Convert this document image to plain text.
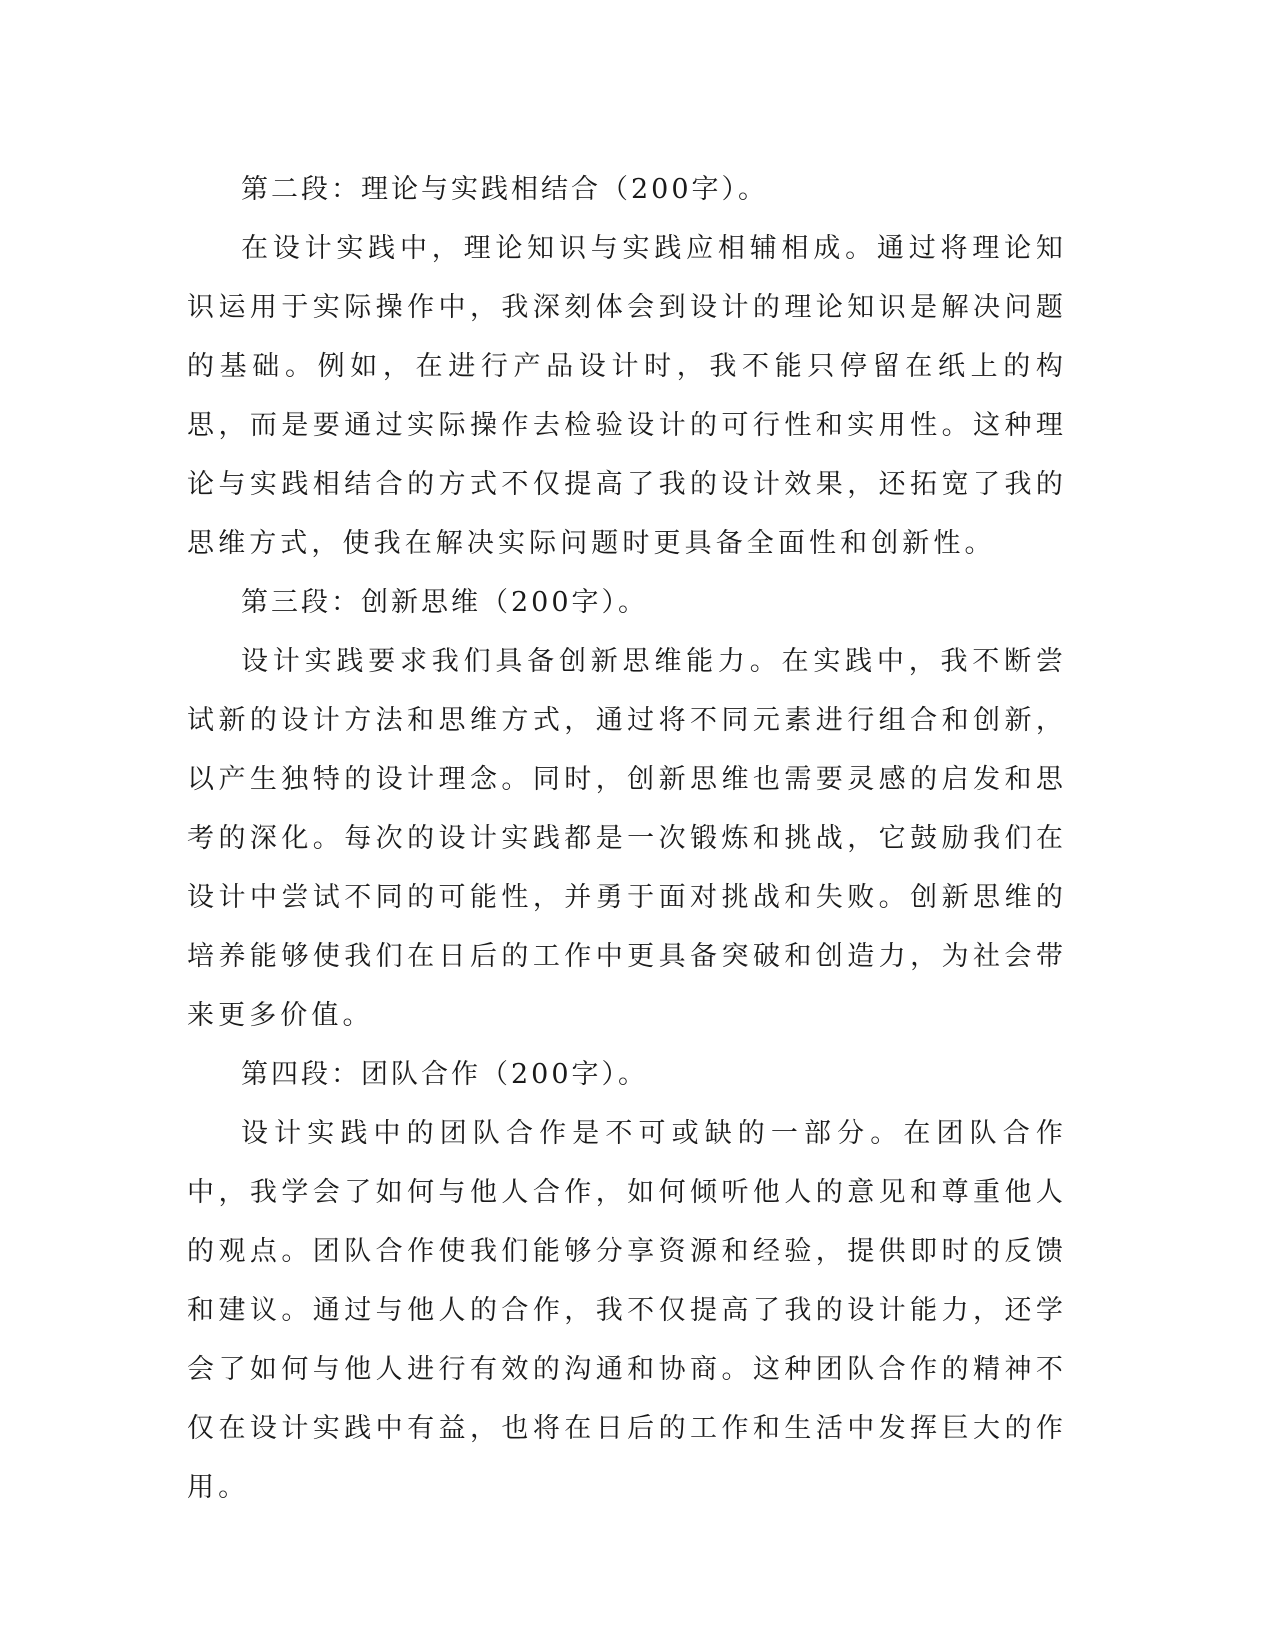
第二段：理论与实践相结合（200字）。

在设计实践中，理论知识与实践应相辅相成。通过将理论知识运用于实际操作中，我深刻体会到设计的理论知识是解决问题的基础。例如，在进行产品设计时，我不能只停留在纸上的构思，而是要通过实际操作去检验设计的可行性和实用性。这种理论与实践相结合的方式不仅提高了我的设计效果，还拓宽了我的思维方式，使我在解决实际问题时更具备全面性和创新性。

第三段：创新思维（200字）。

设计实践要求我们具备创新思维能力。在实践中，我不断尝试新的设计方法和思维方式，通过将不同元素进行组合和创新，以产生独特的设计理念。同时，创新思维也需要灵感的启发和思考的深化。每次的设计实践都是一次锻炼和挑战，它鼓励我们在设计中尝试不同的可能性，并勇于面对挑战和失败。创新思维的培养能够使我们在日后的工作中更具备突破和创造力，为社会带来更多价值。

第四段：团队合作（200字）。

设计实践中的团队合作是不可或缺的一部分。在团队合作中，我学会了如何与他人合作，如何倾听他人的意见和尊重他人的观点。团队合作使我们能够分享资源和经验，提供即时的反馈和建议。通过与他人的合作，我不仅提高了我的设计能力，还学会了如何与他人进行有效的沟通和协商。这种团队合作的精神不仅在设计实践中有益，也将在日后的工作和生活中发挥巨大的作用。
